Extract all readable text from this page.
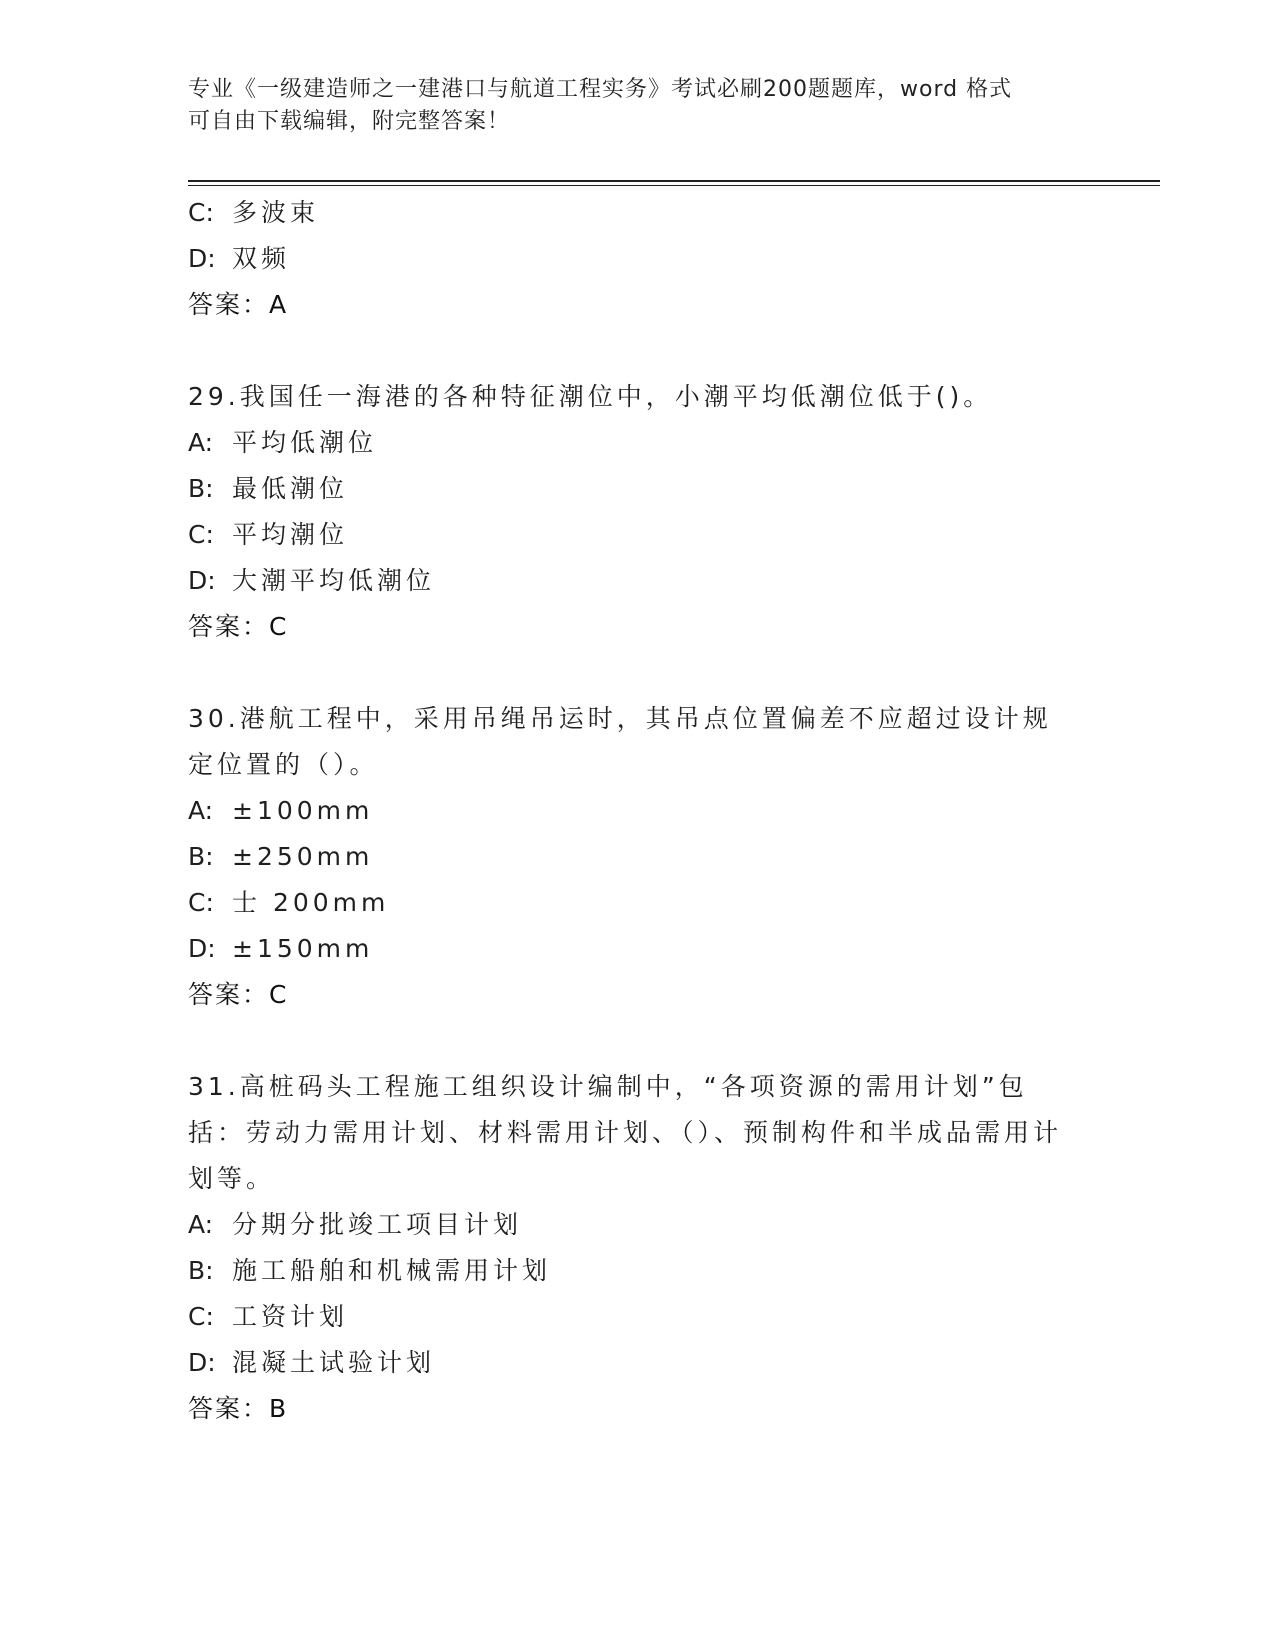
专业《一级建造师之一建港口与航道工程实务》考试必刷200题题库，word 格式
可自由下载编辑，附完整答案！
C: 多波束
D: 双频
答案：A
29.我国任一海港的各种特征潮位中，小潮平均低潮位低于()。
A: 平均低潮位
B: 最低潮位
C: 平均潮位
D: 大潮平均低潮位
答案：C
30.港航工程中，采用吊绳吊运时，其吊点位置偏差不应超过设计规定位置的（）。
A: ±100mm
B: ±250mm
C: 士 200mm
D: ±150mm
答案：C
31.高桩码头工程施工组织设计编制中，“各项资源的需用计划”包括：劳动力需用计划、材料需用计划、（）、预制构件和半成品需用计划等。
A: 分期分批竣工项目计划
B: 施工船舶和机械需用计划
C: 工资计划
D: 混凝土试验计划
答案：B
